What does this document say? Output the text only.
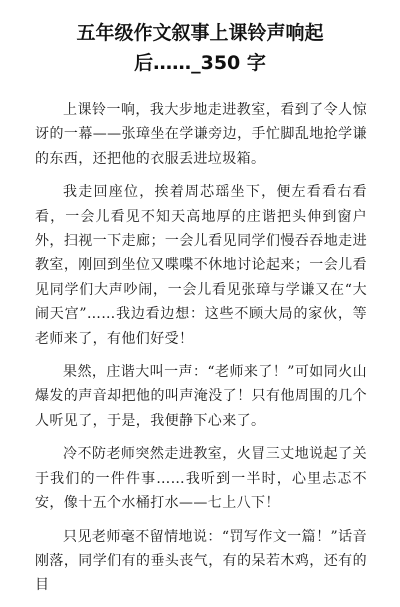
五年级作文叙事上课铃声响起
后……_350 字

上课铃一响，我大步地走进教室，看到了令人惊讶的一幕——张璋坐在学谦旁边，手忙脚乱地抢学谦的东西，还把他的衣服丢进垃圾箱。

我走回座位，挨着周芯瑶坐下，便左看看右看看，一会儿看见不知天高地厚的庄谐把头伸到窗户外，扫视一下走廊；一会儿看见同学们慢吞吞地走进教室，刚回到坐位又喋喋不休地讨论起来；一会儿看见同学们大声吵闹，一会儿看见张璋与学谦又在“大闹天宫”……我边看边想：这些不顾大局的家伙，等老师来了，有他们好受！

果然，庄谐大叫一声：“老师来了！”可如同火山爆发的声音却把他的叫声淹没了！只有他周围的几个人听见了，于是，我便静下心来了。

冷不防老师突然走进教室，火冒三丈地说起了关于我们的一件件事……我听到一半时，心里忐忑不安，像十五个水桶打水——七上八下！

只见老师毫不留情地说：“罚写作文一篇！”话音刚落，同学们有的垂头丧气，有的呆若木鸡，还有的目
